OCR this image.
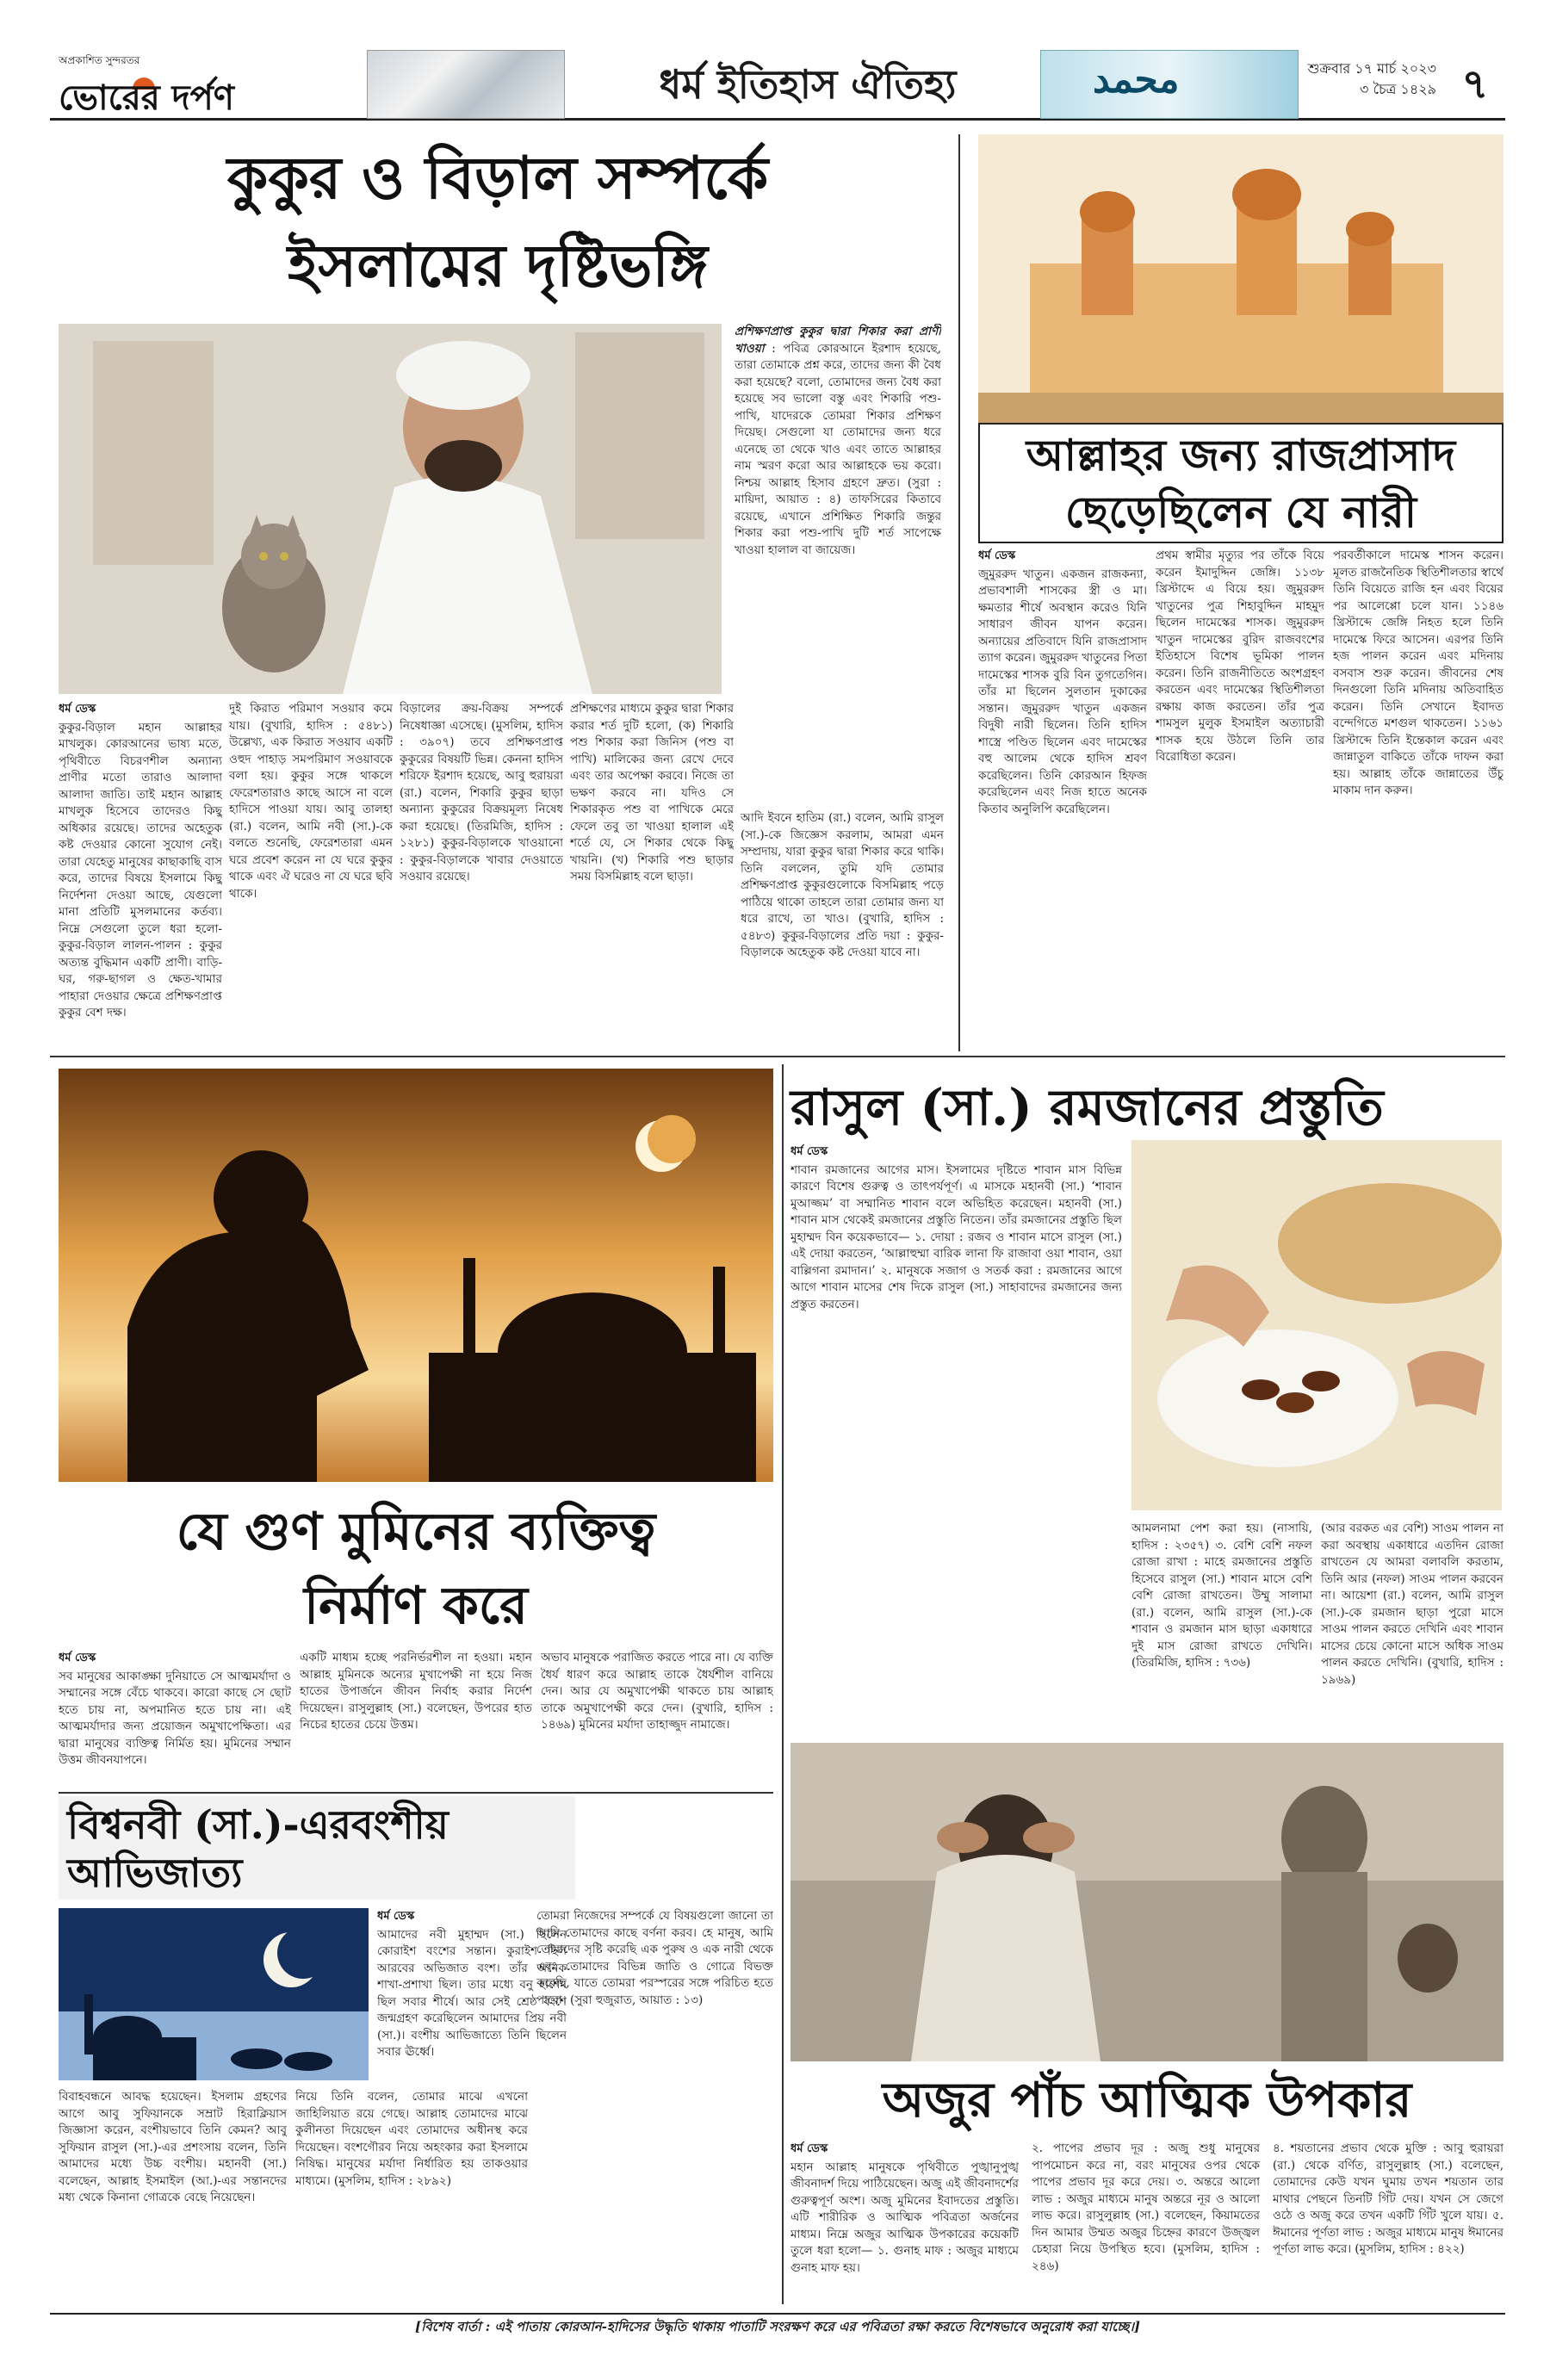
অপ্রকাশিত সুন্দরতর
ভোরের দর্পণ	ধর্ম ইতিহাস ঐতিহ্য	محمد	শুক্রবার ১৭ মার্চ ২০২৩
৩ চৈত্র ১৪২৯ ৭
কুকুর ও বিড়াল সম্পর্কে
ইসলামের দৃষ্টিভঙ্গি
প্রশিক্ষণপ্রাপ্ত কুকুর দ্বারা শিকার করা প্রাণী খাওয়া : পবিত্র কোরআনে ইরশাদ হয়েছে, তারা তোমাকে প্রশ্ন করে, তাদের জন্য কী বৈধ করা হয়েছে? বলো, তোমাদের জন্য বৈধ করা হয়েছে সব ভালো বস্তু এবং শিকারি পশু-পাখি, যাদেরকে তোমরা শিকার প্রশিক্ষণ দিয়েছ। সেগুলো যা তোমাদের জন্য ধরে এনেছে তা থেকে খাও এবং তাতে আল্লাহর নাম স্মরণ করো আর আল্লাহকে ভয় করো। নিশ্চয় আল্লাহ হিসাব গ্রহণে দ্রুত। (সুরা : মায়িদা, আয়াত : ৪) তাফসিরের কিতাবে রয়েছে, এখানে প্রশিক্ষিত শিকারি জন্তুর শিকার করা পশু-পাখি দুটি শর্ত সাপেক্ষে খাওয়া হালাল বা জায়েজ।
ধর্ম ডেস্ক
কুকুর-বিড়াল মহান আল্লাহর মাখলুক। কোরআনের ভাষ্য মতে, পৃথিবীতে বিচরণশীল অন্যান্য প্রাণীর মতো তারাও আলাদা আলাদা জাতি। তাই মহান আল্লাহ মাখলুক হিসেবে তাদেরও কিছু অধিকার রয়েছে। তাদের অহেতুক কষ্ট দেওয়ার কোনো সুযোগ নেই। তারা যেহেতু মানুষের কাছাকাছি বাস করে, তাদের বিষয়ে ইসলামে কিছু নির্দেশনা দেওয়া আছে, যেগুলো মানা প্রতিটি মুসলমানের কর্তব্য। নিম্নে সেগুলো তুলে ধরা হলো- কুকুর-বিড়াল লালন-পালন : কুকুর অত্যন্ত বুদ্ধিমান একটি প্রাণী। বাড়ি-ঘর, গরু-ছাগল ও ক্ষেত-খামার পাহারা দেওয়ার ক্ষেত্রে প্রশিক্ষণপ্রাপ্ত কুকুর বেশ দক্ষ।
দুই কিরাত পরিমাণ সওয়াব কমে যায়। (বুখারি, হাদিস : ৫৪৮১) উল্লেখ্য, এক কিরাত সওয়াব একটি ওহুদ পাহাড় সমপরিমাণ সওয়াবকে বলা হয়। কুকুর সঙ্গে থাকলে ফেরেশতারাও কাছে আসে না বলে হাদিসে পাওয়া যায়। আবু তালহা (রা.) বলেন, আমি নবী (সা.)-কে বলতে শুনেছি, ফেরেশতারা এমন ঘরে প্রবেশ করেন না যে ঘরে কুকুর থাকে এবং ঐ ঘরেও না যে ঘরে ছবি থাকে।
বিড়ালের ক্রয়-বিক্রয় সম্পর্কে নিষেধাজ্ঞা এসেছে। (মুসলিম, হাদিস : ৩৯০৭) তবে প্রশিক্ষণপ্রাপ্ত কুকুরের বিষয়টি ভিন্ন। কেননা হাদিস শরিফে ইরশাদ হয়েছে, আবু হুরায়রা (রা.) বলেন, শিকারি কুকুর ছাড়া অন্যান্য কুকুরের বিক্রয়মূল্য নিষেধ করা হয়েছে। (তিরমিজি, হাদিস : ১২৮১) কুকুর-বিড়ালকে খাওয়ানো : কুকুর-বিড়ালকে খাবার দেওয়াতে সওয়াব রয়েছে।
প্রশিক্ষণের মাধ্যমে কুকুর দ্বারা শিকার করার শর্ত দুটি হলো, (ক) শিকারি পশু শিকার করা জিনিস (পশু বা পাখি) মালিকের জন্য রেখে দেবে এবং তার অপেক্ষা করবে। নিজে তা ভক্ষণ করবে না। যদিও সে শিকারকৃত পশু বা পাখিকে মেরে ফেলে তবু তা খাওয়া হালাল এই শর্তে যে, সে শিকার থেকে কিছু খায়নি। (খ) শিকারি পশু ছাড়ার সময় বিসমিল্লাহ বলে ছাড়া।
আদি ইবনে হাতিম (রা.) বলেন, আমি রাসুল (সা.)-কে জিজ্ঞেস করলাম, আমরা এমন সম্প্রদায়, যারা কুকুর দ্বারা শিকার করে থাকি। তিনি বললেন, তুমি যদি তোমার প্রশিক্ষণপ্রাপ্ত কুকুরগুলোকে বিসমিল্লাহ পড়ে পাঠিয়ে থাকো তাহলে তারা তোমার জন্য যা ধরে রাখে, তা খাও। (বুখারি, হাদিস : ৫৪৮৩) কুকুর-বিড়ালের প্রতি দয়া : কুকুর-বিড়ালকে অহেতুক কষ্ট দেওয়া যাবে না।
আল্লাহর জন্য রাজপ্রাসাদ
ছেড়েছিলেন যে নারী
ধর্ম ডেস্ক
জুমুররুদ খাতুন। একজন রাজকন্যা, প্রভাবশালী শাসকের স্ত্রী ও মা। ক্ষমতার শীর্ষে অবস্থান করেও যিনি সাধারণ জীবন যাপন করেন। অন্যায়ের প্রতিবাদে যিনি রাজপ্রাসাদ ত্যাগ করেন। জুমুররুদ খাতুনের পিতা দামেস্কের শাসক বুরি বিন তুগতেগিন। তাঁর মা ছিলেন সুলতান দুকাকের সন্তান। জুমুররুদ খাতুন একজন বিদুষী নারী ছিলেন। তিনি হাদিস শাস্ত্রে পণ্ডিত ছিলেন এবং দামেস্কের বহু আলেম থেকে হাদিস শ্রবণ করেছিলেন। তিনি কোরআন হিফজ করেছিলেন এবং নিজ হাতে অনেক কিতাব অনুলিপি করেছিলেন।
প্রথম স্বামীর মৃত্যুর পর তাঁকে বিয়ে করেন ইমাদুদ্দিন জেঙ্গি। ১১৩৮ খ্রিস্টাব্দে এ বিয়ে হয়। জুমুররুদ খাতুনের পুত্র শিহাবুদ্দিন মাহমুদ ছিলেন দামেস্কের শাসক। জুমুররুদ খাতুন দামেস্কের বুরিদ রাজবংশের ইতিহাসে বিশেষ ভূমিকা পালন করেন। তিনি রাজনীতিতে অংশগ্রহণ করতেন এবং দামেস্কের স্থিতিশীলতা রক্ষায় কাজ করতেন। তাঁর পুত্র শামসুল মুলুক ইসমাইল অত্যাচারী শাসক হয়ে উঠলে তিনি তার বিরোধিতা করেন।
পরবর্তীকালে দামেস্ক শাসন করেন। মূলত রাজনৈতিক স্থিতিশীলতার স্বার্থে তিনি বিয়েতে রাজি হন এবং বিয়ের পর আলেপ্পো চলে যান। ১১৪৬ খ্রিস্টাব্দে জেঙ্গি নিহত হলে তিনি দামেস্কে ফিরে আসেন। এরপর তিনি হজ পালন করেন এবং মদিনায় বসবাস শুরু করেন। জীবনের শেষ দিনগুলো তিনি মদিনায় অতিবাহিত করেন। তিনি সেখানে ইবাদত বন্দেগিতে মশগুল থাকতেন। ১১৬১ খ্রিস্টাব্দে তিনি ইন্তেকাল করেন এবং জান্নাতুল বাকিতে তাঁকে দাফন করা হয়। আল্লাহ তাঁকে জান্নাতের উঁচু মাকাম দান করুন।
যে গুণ মুমিনের ব্যক্তিত্ব
নির্মাণ করে
ধর্ম ডেস্ক
সব মানুষের আকাঙ্ক্ষা দুনিয়াতে সে আত্মমর্যাদা ও সম্মানের সঙ্গে বেঁচে থাকবে। কারো কাছে সে ছোট হতে চায় না, অপমানিত হতে চায় না। এই আত্মমর্যাদার জন্য প্রয়োজন অমুখাপেক্ষিতা। এর দ্বারা মানুষের ব্যক্তিত্ব নির্মিত হয়। মুমিনের সম্মান উত্তম জীবনযাপনে।
একটি মাধ্যম হচ্ছে পরনির্ভরশীল না হওয়া। মহান আল্লাহ মুমিনকে অন্যের মুখাপেক্ষী না হয়ে নিজ হাতের উপার্জনে জীবন নির্বাহ করার নির্দেশ দিয়েছেন। রাসুলুল্লাহ (সা.) বলেছেন, উপরের হাত নিচের হাতের চেয়ে উত্তম।
অভাব মানুষকে পরাজিত করতে পারে না। যে ব্যক্তি ধৈর্য ধারণ করে আল্লাহ তাকে ধৈর্যশীল বানিয়ে দেন। আর যে অমুখাপেক্ষী থাকতে চায় আল্লাহ তাকে অমুখাপেক্ষী করে দেন। (বুখারি, হাদিস : ১৪৬৯) মুমিনের মর্যাদা তাহাজ্জুদ নামাজে।
রাসুল (সা.) রমজানের প্রস্তুতি
ধর্ম ডেস্ক
শাবান রমজানের আগের মাস। ইসলামের দৃষ্টিতে শাবান মাস বিভিন্ন কারণে বিশেষ গুরুত্ব ও তাৎপর্যপূর্ণ। এ মাসকে মহানবী (সা.) ‘শাবান মুআজ্জম’ বা সম্মানিত শাবান বলে অভিহিত করেছেন। মহানবী (সা.) শাবান মাস থেকেই রমজানের প্রস্তুতি নিতেন। তাঁর রমজানের প্রস্তুতি ছিল মুহাম্মদ বিন কয়েকভাবে— ১. দোয়া : রজব ও শাবান মাসে রাসুল (সা.) এই দোয়া করতেন, ‘আল্লাহুম্মা বারিক লানা ফি রাজাবা ওয়া শাবান, ওয়া বাল্লিগনা রমাদান।’ ২. মানুষকে সজাগ ও সতর্ক করা : রমজানের আগে আগে শাবান মাসের শেষ দিকে রাসুল (সা.) সাহাবাদের রমজানের জন্য প্রস্তুত করতেন।
আমলনামা পেশ করা হয়। (নাসায়ি, হাদিস : ২৩৫৭) ৩. বেশি বেশি নফল রোজা রাখা : মাহে রমজানের প্রস্তুতি হিসেবে রাসুল (সা.) শাবান মাসে বেশি বেশি রোজা রাখতেন। উম্মু সালামা (রা.) বলেন, আমি রাসুল (সা.)-কে শাবান ও রমজান মাস ছাড়া একাধারে দুই মাস রোজা রাখতে দেখিনি। (তিরমিজি, হাদিস : ৭৩৬)
(আর বরকত এর বেশি) সাওম পালন না করা অবস্থায় একাধারে এতদিন রোজা রাখতেন যে আমরা বলাবলি করতাম, তিনি আর (নফল) সাওম পালন করবেন না। আয়েশা (রা.) বলেন, আমি রাসুল (সা.)-কে রমজান ছাড়া পুরো মাসে সাওম পালন করতে দেখিনি এবং শাবান মাসের চেয়ে কোনো মাসে অধিক সাওম পালন করতে দেখিনি। (বুখারি, হাদিস : ১৯৬৯)
বিশ্বনবী (সা.)-এরবংশীয়
আভিজাত্য
ধর্ম ডেস্ক
আমাদের নবী মুহাম্মদ (সা.) ছিলেন কোরাইশ বংশের সন্তান। কুরাইশ ছিল আরবের অভিজাত বংশ। তাঁর অনেক শাখা-প্রশাখা ছিল। তার মধ্যে বনু হাশেম ছিল সবার শীর্ষে। আর সেই শ্রেষ্ঠ বংশে জন্মগ্রহণ করেছিলেন আমাদের প্রিয় নবী (সা.)। বংশীয় আভিজাত্যে তিনি ছিলেন সবার ঊর্ধ্বে।
বিবাহবন্ধনে আবদ্ধ হয়েছেন। ইসলাম গ্রহণের আগে আবু সুফিয়ানকে সম্রাট হিরাক্লিয়াস জিজ্ঞাসা করেন, বংশীয়ভাবে তিনি কেমন? আবু সুফিয়ান রাসুল (সা.)-এর প্রশংসায় বলেন, তিনি আমাদের মধ্যে উচ্চ বংশীয়। মহানবী (সা.) বলেছেন, আল্লাহ ইসমাইল (আ.)-এর সন্তানদের মধ্য থেকে কিনানা গোত্রকে বেছে নিয়েছেন।
নিয়ে তিনি বলেন, তোমার মাঝে এখনো জাহিলিয়াত রয়ে গেছে। আল্লাহ তোমাদের মাঝে কুলীনতা দিয়েছেন এবং তোমাদের অধীনস্থ করে দিয়েছেন। বংশগৌরব নিয়ে অহংকার করা ইসলামে নিষিদ্ধ। মানুষের মর্যাদা নির্ধারিত হয় তাকওয়ার মাধ্যমে। (মুসলিম, হাদিস : ২৮৯২)
তোমরা নিজেদের সম্পর্কে যে বিষয়গুলো জানো তা আমি তোমাদের কাছে বর্ণনা করব। হে মানুষ, আমি তোমাদের সৃষ্টি করেছি এক পুরুষ ও এক নারী থেকে এবং তোমাদের বিভিন্ন জাতি ও গোত্রে বিভক্ত করেছি, যাতে তোমরা পরস্পরের সঙ্গে পরিচিত হতে পারো। (সুরা হুজুরাত, আয়াত : ১৩)
অজুর পাঁচ আত্মিক উপকার
ধর্ম ডেস্ক
মহান আল্লাহ মানুষকে পৃথিবীতে পুঙ্খানুপুঙ্খ জীবনাদর্শ দিয়ে পাঠিয়েছেন। অজু এই জীবনাদর্শের গুরুত্বপূর্ণ অংশ। অজু মুমিনের ইবাদতের প্রস্তুতি। এটি শারীরিক ও আত্মিক পবিত্রতা অর্জনের মাধ্যম। নিম্নে অজুর আত্মিক উপকারের কয়েকটি তুলে ধরা হলো— ১. গুনাহ মাফ : অজুর মাধ্যমে গুনাহ মাফ হয়।
২. পাপের প্রভাব দূর : অজু শুধু মানুষের পাপমোচন করে না, বরং মানুষের ওপর থেকে পাপের প্রভাব দূর করে দেয়। ৩. অন্তরে আলো লাভ : অজুর মাধ্যমে মানুষ অন্তরে নূর ও আলো লাভ করে। রাসুলুল্লাহ (সা.) বলেছেন, কিয়ামতের দিন আমার উম্মত অজুর চিহ্নের কারণে উজ্জ্বল চেহারা নিয়ে উপস্থিত হবে। (মুসলিম, হাদিস : ২৪৬)
৪. শয়তানের প্রভাব থেকে মুক্তি : আবু হুরায়রা (রা.) থেকে বর্ণিত, রাসুলুল্লাহ (সা.) বলেছেন, তোমাদের কেউ যখন ঘুমায় তখন শয়তান তার মাথার পেছনে তিনটি গিঁট দেয়। যখন সে জেগে ওঠে ও অজু করে তখন একটি গিঁট খুলে যায়। ৫. ঈমানের পূর্ণতা লাভ : অজুর মাধ্যমে মানুষ ঈমানের পূর্ণতা লাভ করে। (মুসলিম, হাদিস : ৪২২)
[বিশেষ বার্তা : এই পাতায় কোরআন-হাদিসের উদ্ধৃতি থাকায় পাতাটি সংরক্ষণ করে এর পবিত্রতা রক্ষা করতে বিশেষভাবে অনুরোধ করা যাচ্ছে।]
